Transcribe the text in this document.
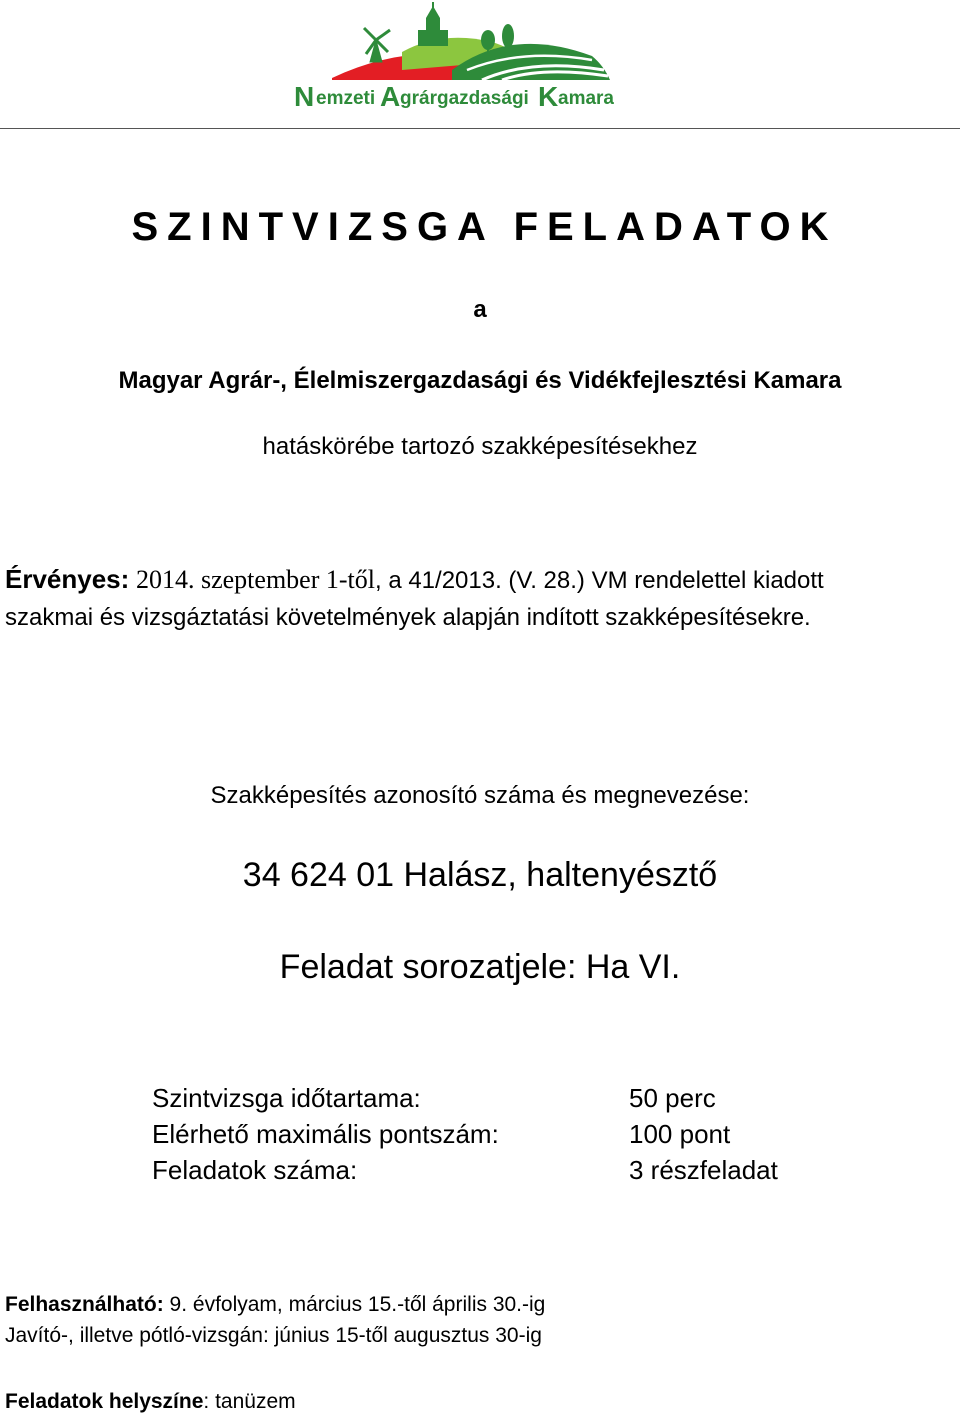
N emzeti A grárgazdasági K amara
SZINTVIZSGA FELADATOK
a
Magyar Agrár-, Élelmiszergazdasági és Vidékfejlesztési Kamara
hatáskörébe tartozó szakképesítésekhez
Érvényes: 2014. szeptember 1-től, a 41/2013. (V. 28.) VM rendelettel kiadott
szakmai és vizsgáztatási követelmények alapján indított szakképesítésekre.
Szakképesítés azonosító száma és megnevezése:
34 624 01 Halász, haltenyésztő
Feladat sorozatjele: Ha VI.
Szintvizsga időtartama:	50 perc
Elérhető maximális pontszám:	100 pont
Feladatok száma:	3 részfeladat
Felhasználható: 9. évfolyam, március 15.-től április 30.-ig
Javító-, illetve pótló-vizsgán: június 15-től augusztus 30-ig
Feladatok helyszíne: tanüzem
